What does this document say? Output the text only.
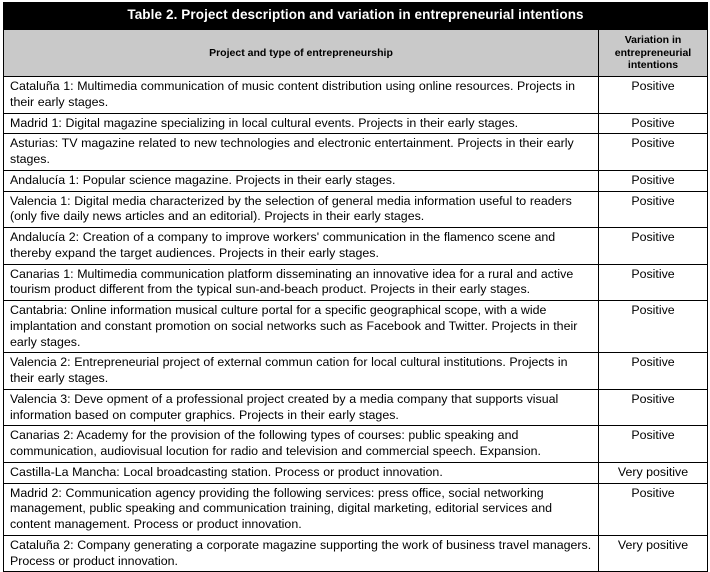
Table 2. Project description and variation in entrepreneurial intentions	
Project and type of entrepreneurship	Variation in entrepreneurial intentions
Cataluña 1: Multimedia communication of music content distribution using online resources. Projects in their early stages.	Positive
Madrid 1: Digital magazine specializing in local cultural events. Projects in their early stages.	Positive
Asturias: TV magazine related to new technologies and electronic entertainment. Projects in their early stages.	Positive
Andalucía 1: Popular science magazine. Projects in their early stages.	Positive
Valencia 1: Digital media characterized by the selection of general media information useful to readers (only five daily news articles and an editorial). Projects in their early stages.	Positive
Andalucía 2: Creation of a company to improve workers' communication in the flamenco scene and thereby expand the target audiences. Projects in their early stages.	Positive
Canarias 1: Multimedia communication platform disseminating an innovative idea for a rural and active tourism product different from the typical sun-and-beach product. Projects in their early stages.	Positive
Cantabria: Online information musical culture portal for a specific geographical scope, with a wide implantation and constant promotion on social networks such as Facebook and Twitter. Projects in their early stages.	Positive
Valencia 2: Entrepreneurial project of external commun cation for local cultural institutions. Projects in their early stages.	Positive
Valencia 3: Deve opment of a professional project created by a media company that supports visual information based on computer graphics. Projects in their early stages.	Positive
Canarias 2: Academy for the provision of the following types of courses: public speaking and communication, audiovisual locution for radio and television and commercial speech. Expansion.	Positive
Castilla-La Mancha: Local broadcasting station. Process or product innovation.	Very positive
Madrid 2: Communication agency providing the following services: press office, social networking management, public speaking and communication training, digital marketing, editorial services and content management. Process or product innovation.	Positive
Cataluña 2: Company generating a corporate magazine supporting the work of business travel managers. Process or product innovation.	Very positive
